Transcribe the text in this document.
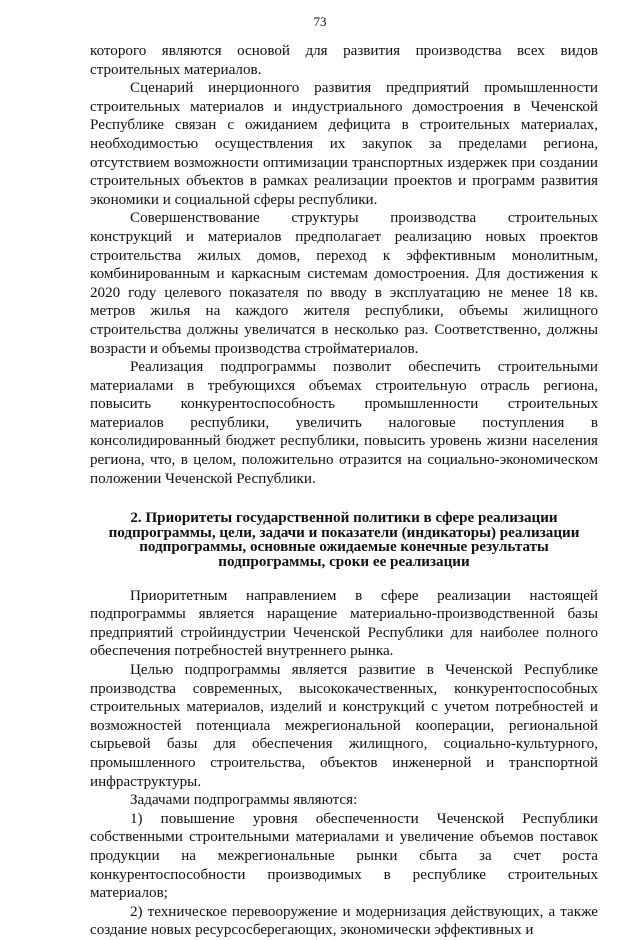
73

которого являются основой для развития производства всех видов строительных материалов.

Сценарий инерционного развития предприятий промышленности строительных материалов и индустриального домостроения в Чеченской Республике связан с ожиданием дефицита в строительных материалах, необходимостью осуществления их закупок за пределами региона, отсутствием возможности оптимизации транспортных издержек при создании строительных объектов в рамках реализации проектов и программ развития экономики и социальной сферы республики.

Совершенствование структуры производства строительных конструкций и материалов предполагает реализацию новых проектов строительства жилых домов, переход к эффективным монолитным, комбинированным и каркасным системам домостроения. Для достижения к 2020 году целевого показателя по вводу в эксплуатацию не менее 18 кв. метров жилья на каждого жителя республики, объемы жилищного строительства должны увеличатся в несколько раз. Соответственно, должны возрасти и объемы производства стройматериалов.

Реализация подпрограммы позволит обеспечить строительными материалами в требующихся объемах строительную отрасль региона, повысить конкурентоспособность промышленности строительных материалов республики, увеличить налоговые поступления в консолидированный бюджет республики, повысить уровень жизни населения региона, что, в целом, положительно отразится на социально-экономическом положении Чеченской Республики.

2. Приоритеты государственной политики в сфере реализации
подпрограммы, цели, задачи и показатели (индикаторы) реализации
подпрограммы, основные ожидаемые конечные результаты
подпрограммы, сроки ее реализации

Приоритетным направлением в сфере реализации настоящей подпрограммы является наращение материально-производственной базы предприятий стройиндустрии Чеченской Республики для наиболее полного обеспечения потребностей внутреннего рынка.

Целью подпрограммы является развитие в Чеченской Республике производства современных, высококачественных, конкурентоспособных строительных материалов, изделий и конструкций с учетом потребностей и возможностей потенциала межрегиональной кооперации, региональной сырьевой базы для обеспечения жилищного, социально-культурного, промышленного строительства, объектов инженерной и транспортной инфраструктуры.

Задачами подпрограммы являются:

1) повышение уровня обеспеченности Чеченской Республики собственными строительными материалами и увеличение объемов поставок продукции на межрегиональные рынки сбыта за счет роста конкурентоспособности производимых в республике строительных материалов;

2) техническое перевооружение и модернизация действующих, а также создание новых ресурсосберегающих, экономически эффективных и
